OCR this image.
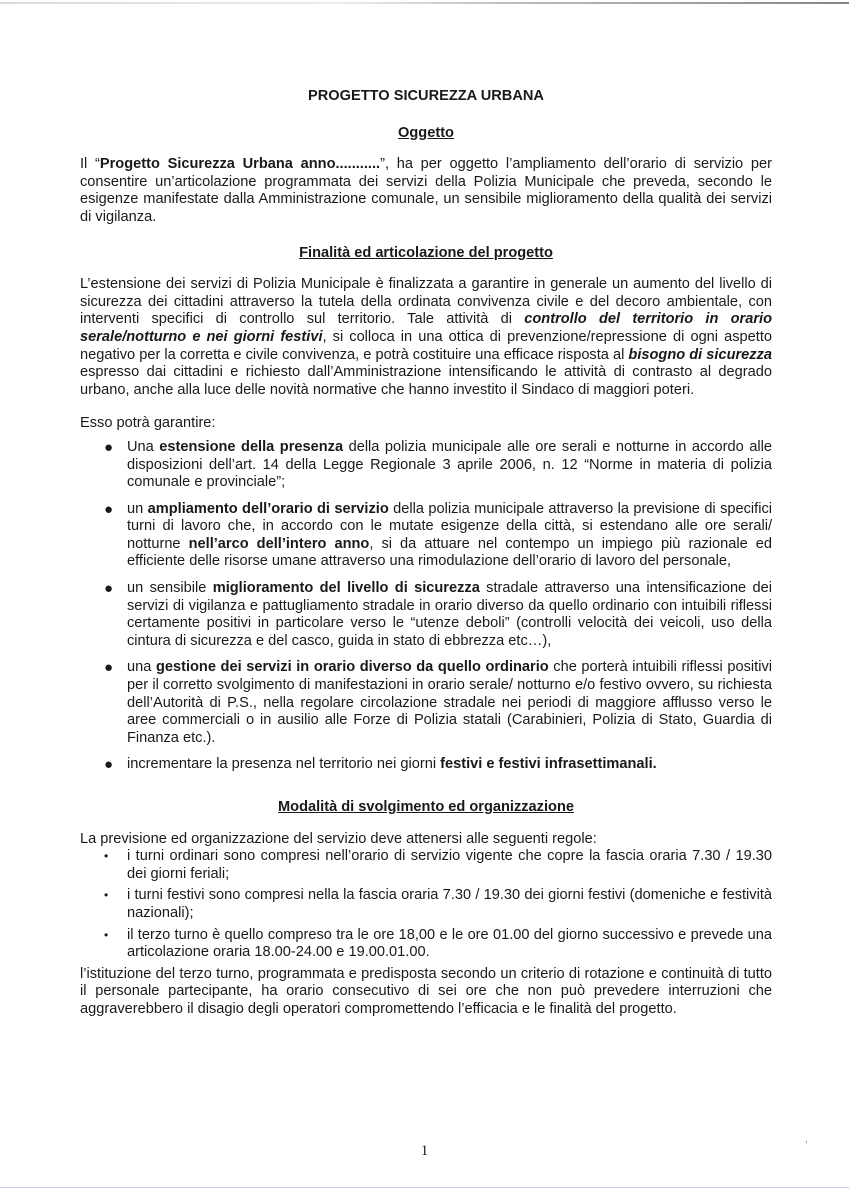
PROGETTO SICUREZZA URBANA
Oggetto

Il “Progetto Sicurezza Urbana anno...........”, ha per oggetto l’ampliamento dell’orario di servizio per consentire un’articolazione programmata dei servizi della Polizia Municipale che preveda, secondo le esigenze manifestate dalla Amministrazione comunale, un sensibile miglioramento della qualità dei servizi di vigilanza.

Finalità ed articolazione del progetto

L’estensione dei servizi di Polizia Municipale è finalizzata a garantire in generale un aumento del livello di sicurezza dei cittadini attraverso la tutela della ordinata convivenza civile e del decoro ambientale, con interventi specifici di controllo sul territorio. Tale attività di controllo del territorio in orario serale/notturno e nei giorni festivi, si colloca in una ottica di prevenzione/repressione di ogni aspetto negativo per la corretta e civile convivenza, e potrà costituire una efficace risposta al bisogno di sicurezza espresso dai cittadini e richiesto dall’Amministrazione intensificando le attività di contrasto al degrado urbano, anche alla luce delle novità normative che hanno investito il Sindaco di maggiori poteri.

Esso potrà garantire:

● Una estensione della presenza della polizia municipale alle ore serali e notturne in accordo alle disposizioni dell’art. 14 della Legge Regionale 3 aprile 2006, n. 12 “Norme in materia di polizia comunale e provinciale”;
● un ampliamento dell’orario di servizio della polizia municipale attraverso la previsione di specifici turni di lavoro che, in accordo con le mutate esigenze della città, si estendano alle ore serali/ notturne nell’arco dell’intero anno, si da attuare nel contempo un impiego più razionale ed efficiente delle risorse umane attraverso una rimodulazione dell’orario di lavoro del personale,
● un sensibile miglioramento del livello di sicurezza stradale attraverso una intensificazione dei servizi di vigilanza e pattugliamento stradale in orario diverso da quello ordinario con intuibili riflessi certamente positivi in particolare verso le “utenze deboli” (controlli velocità dei veicoli, uso della cintura di sicurezza e del casco, guida in stato di ebbrezza etc…),
● una gestione dei servizi in orario diverso da quello ordinario che porterà intuibili riflessi positivi per il corretto svolgimento di manifestazioni in orario serale/ notturno e/o festivo ovvero, su richiesta dell’Autorità di P.S., nella regolare circolazione stradale nei periodi di maggiore afflusso verso le aree commerciali o in ausilio alle Forze di Polizia statali (Carabinieri, Polizia di Stato, Guardia di Finanza etc.).
● incrementare la presenza nel territorio nei giorni festivi e festivi infrasettimanali.
Modalità di svolgimento ed organizzazione

La previsione ed organizzazione del servizio deve attenersi alle seguenti regole:

• i turni ordinari sono compresi nell’orario di servizio vigente che copre la fascia oraria 7.30 / 19.30 dei giorni feriali;
• i turni festivi sono compresi nella la fascia oraria 7.30 / 19.30 dei giorni festivi (domeniche e festività nazionali);
• il terzo turno è quello compreso tra le ore 18,00 e le ore 01.00 del giorno successivo e prevede una articolazione oraria 18.00-24.00 e 19.00.01.00.

l’istituzione del terzo turno, programmata e predisposta secondo un criterio di rotazione e continuità di tutto il personale partecipante, ha orario consecutivo di sei ore che non può prevedere interruzioni che aggraverebbero il disagio degli operatori compromettendo l’efficacia e le finalità del progetto.

1
,
